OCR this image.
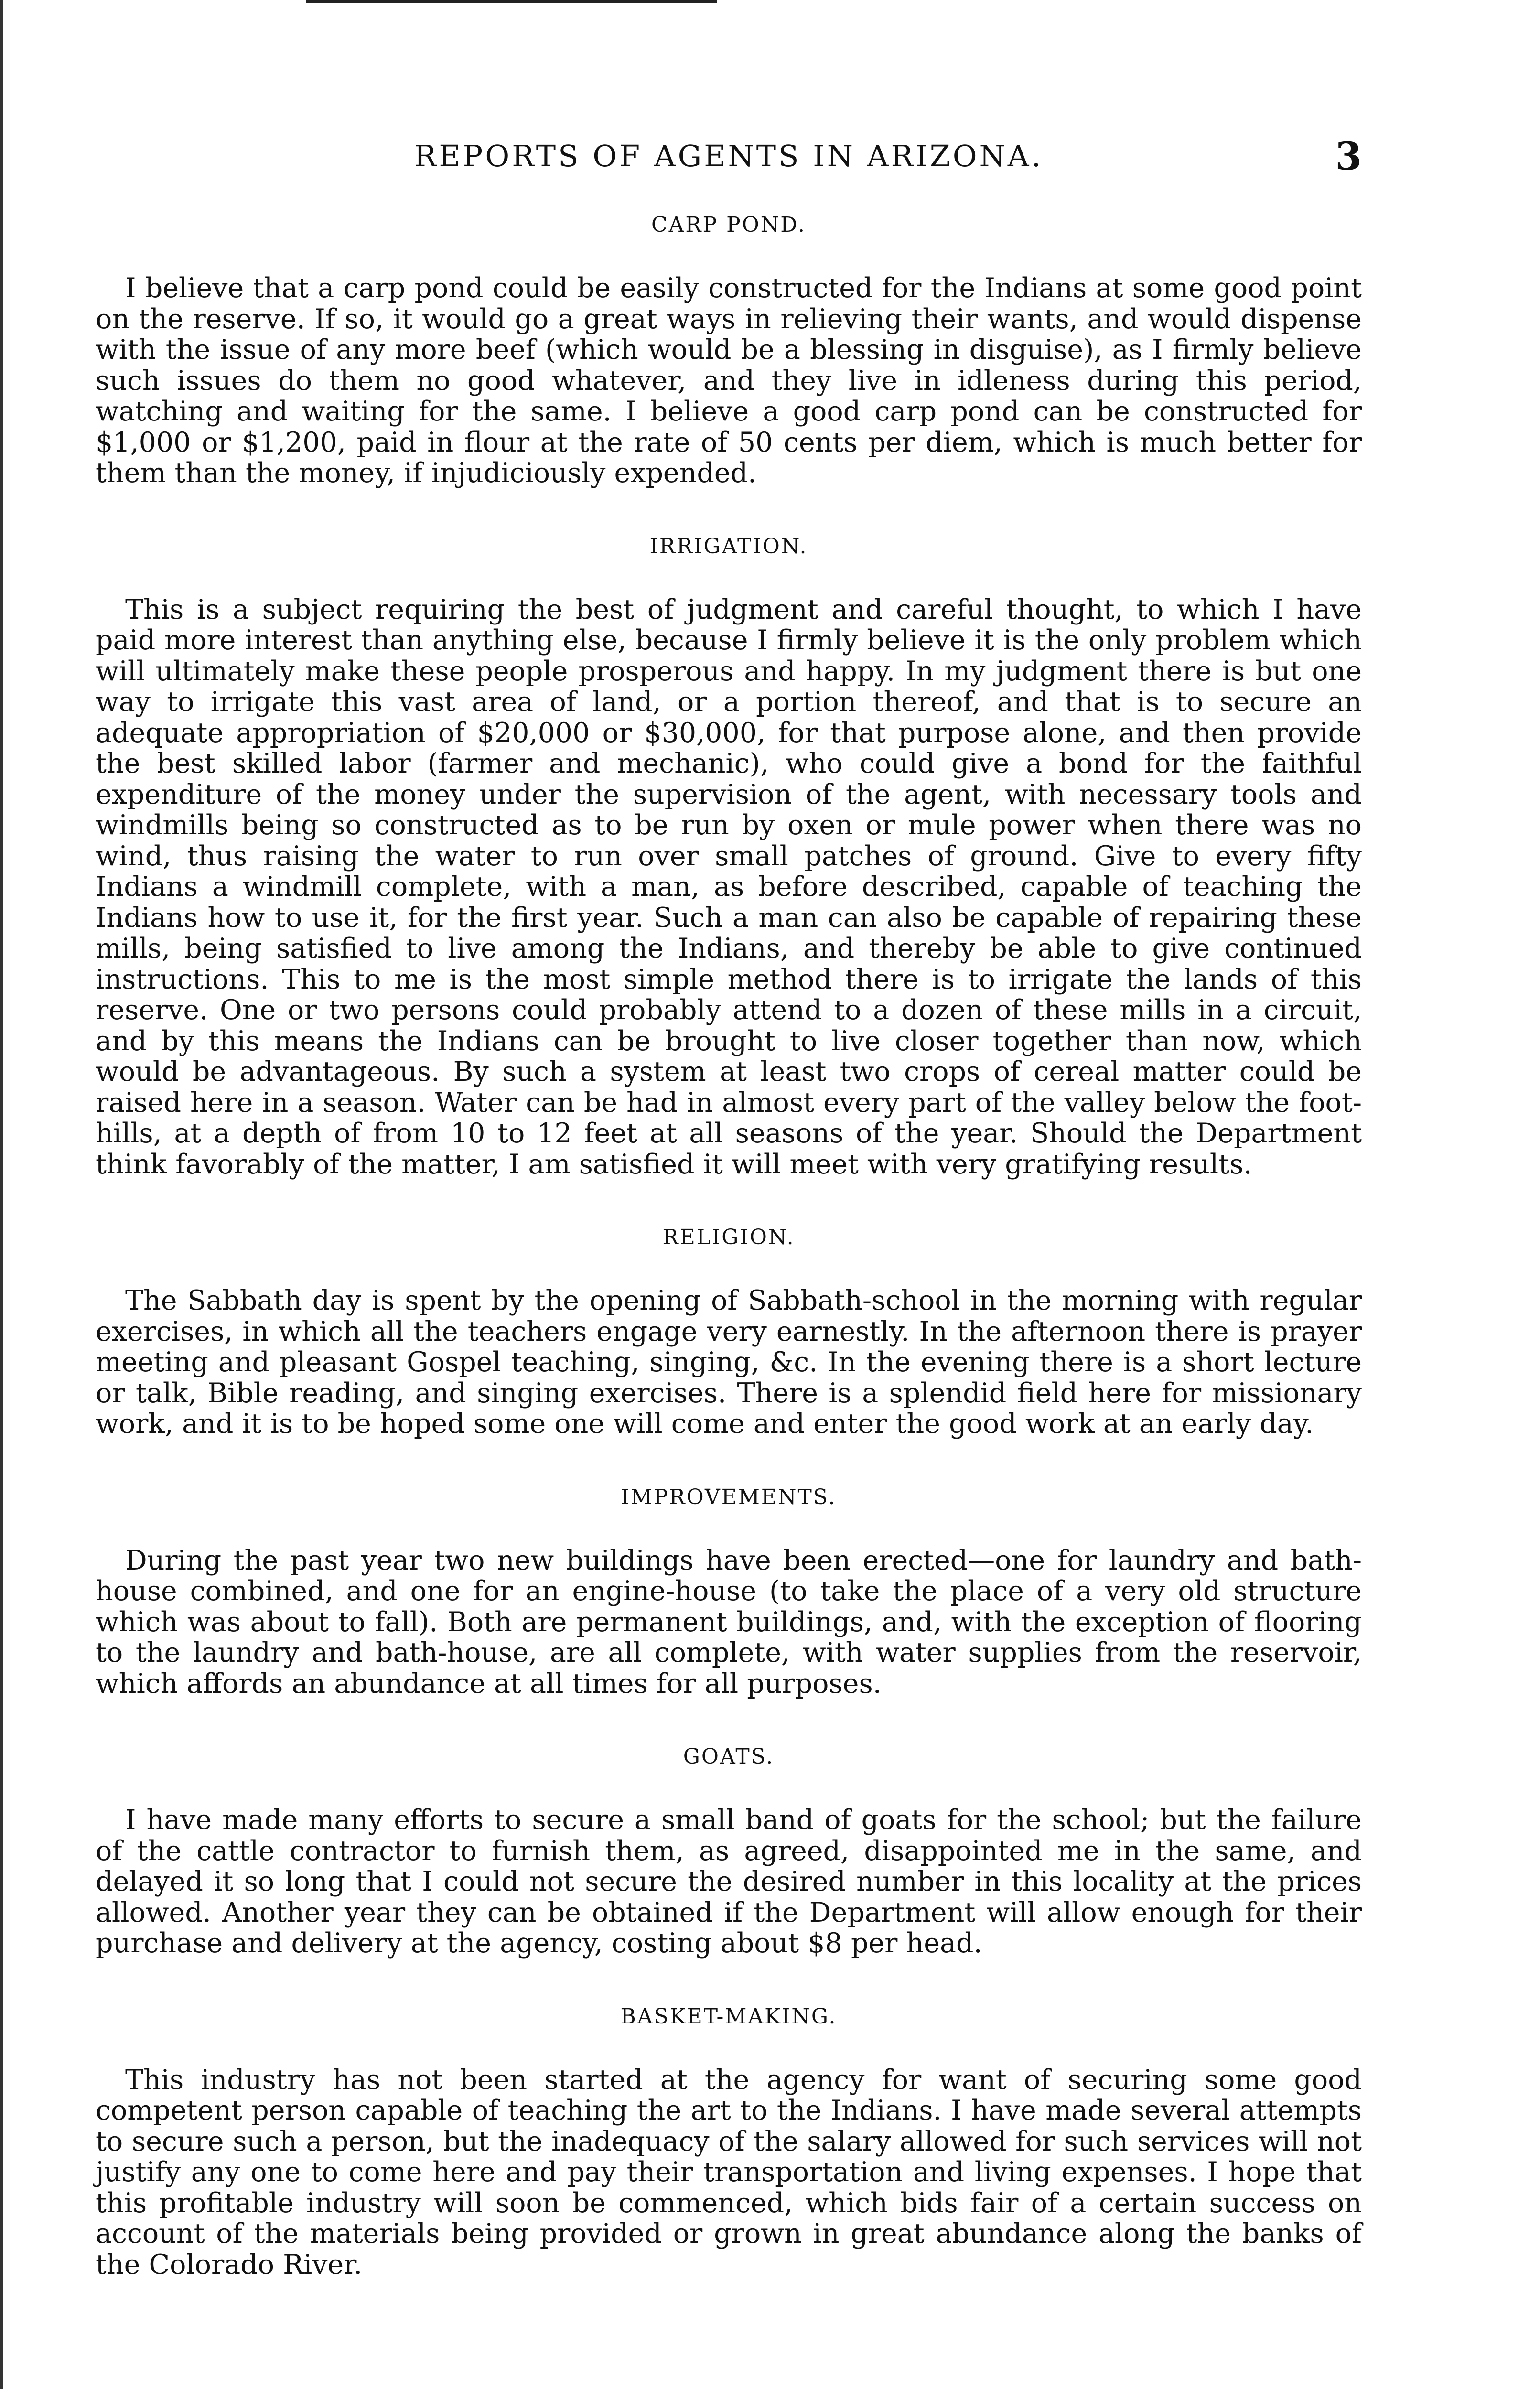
REPORTS OF AGENTS IN ARIZONA.	3
CARP POND.

I believe that a carp pond could be easily constructed for the Indians at some good point on the reserve. If so, it would go a great ways in relieving their wants, and would dispense with the issue of any more beef (which would be a blessing in disguise), as I firmly believe such issues do them no good whatever, and they live in idleness during this period, watching and waiting for the same. I believe a good carp pond can be constructed for $1,000 or $1,200, paid in flour at the rate of 50 cents per diem, which is much better for them than the money, if injudiciously expended.

IRRIGATION.

This is a subject requiring the best of judgment and careful thought, to which I have paid more interest than anything else, because I firmly believe it is the only problem which will ultimately make these people prosperous and happy. In my judgment there is but one way to irrigate this vast area of land, or a portion thereof, and that is to secure an adequate appropriation of $20,000 or $30,000, for that purpose alone, and then provide the best skilled labor (farmer and mechanic), who could give a bond for the faithful expenditure of the money under the supervision of the agent, with necessary tools and windmills being so constructed as to be run by oxen or mule power when there was no wind, thus raising the water to run over small patches of ground. Give to every fifty Indians a windmill complete, with a man, as before described, capable of teaching the Indians how to use it, for the first year. Such a man can also be capable of repairing these mills, being satisfied to live among the Indians, and thereby be able to give continued instructions. This to me is the most simple method there is to irrigate the lands of this reserve. One or two persons could probably attend to a dozen of these mills in a circuit, and by this means the Indians can be brought to live closer together than now, which would be advantageous. By such a system at least two crops of cereal matter could be raised here in a season. Water can be had in almost every part of the valley below the foot-hills, at a depth of from 10 to 12 feet at all seasons of the year. Should the Department think favorably of the matter, I am satisfied it will meet with very gratifying results.

RELIGION.

The Sabbath day is spent by the opening of Sabbath-school in the morning with regular exercises, in which all the teachers engage very earnestly. In the afternoon there is prayer meeting and pleasant Gospel teaching, singing, &c. In the evening there is a short lecture or talk, Bible reading, and singing exercises. There is a splendid field here for missionary work, and it is to be hoped some one will come and enter the good work at an early day.

IMPROVEMENTS.

During the past year two new buildings have been erected—one for laundry and bath-house combined, and one for an engine-house (to take the place of a very old structure which was about to fall). Both are permanent buildings, and, with the exception of flooring to the laundry and bath-house, are all complete, with water supplies from the reservoir, which affords an abundance at all times for all purposes.

GOATS.

I have made many efforts to secure a small band of goats for the school; but the failure of the cattle contractor to furnish them, as agreed, disappointed me in the same, and delayed it so long that I could not secure the desired number in this locality at the prices allowed. Another year they can be obtained if the Department will allow enough for their purchase and delivery at the agency, costing about $8 per head.

BASKET-MAKING.

This industry has not been started at the agency for want of securing some good competent person capable of teaching the art to the Indians. I have made several attempts to secure such a person, but the inadequacy of the salary allowed for such services will not justify any one to come here and pay their transportation and living expenses. I hope that this profitable industry will soon be commenced, which bids fair of a certain success on account of the materials being provided or grown in great abundance along the banks of the Colorado River.
